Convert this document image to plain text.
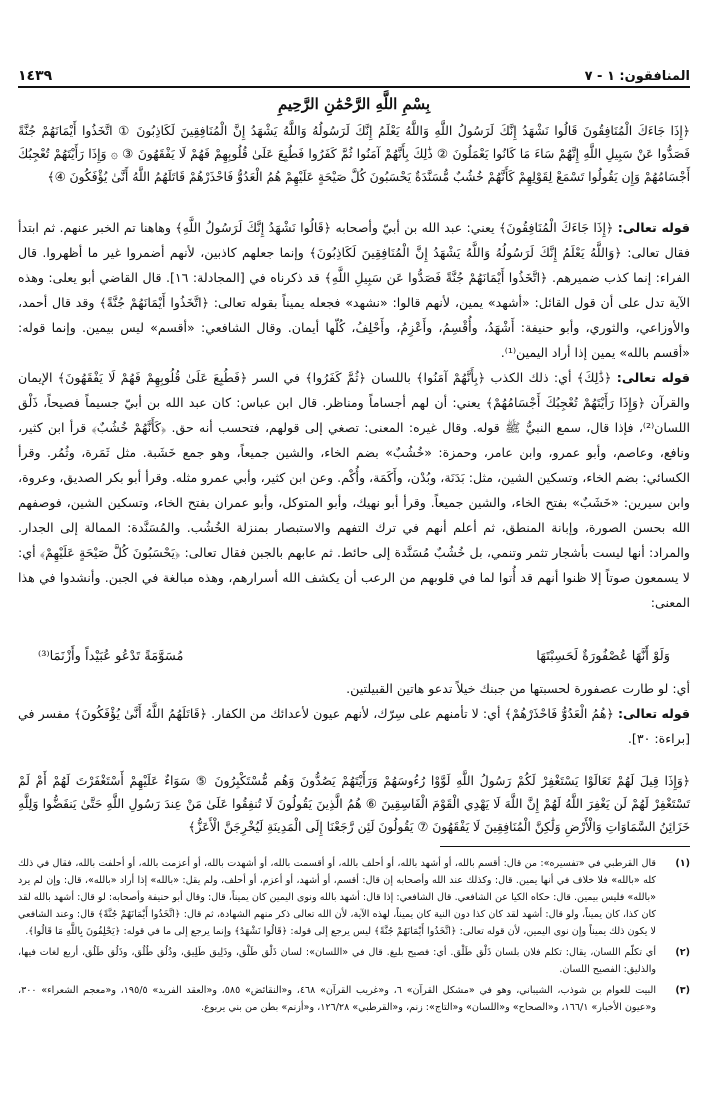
المنافقون: ١ - ٧
١٤٣٩
بِسْمِ اللَّهِ الرَّحْمَٰنِ الرَّحِيمِ
﴿إِذَا جَاءَكَ الْمُنَافِقُونَ قَالُوا نَشْهَدُ إِنَّكَ لَرَسُولُ اللَّهِ وَاللَّهُ يَعْلَمُ إِنَّكَ لَرَسُولُهُ وَاللَّهُ يَشْهَدُ إِنَّ الْمُنَافِقِينَ لَكَاذِبُونَ ① اتَّخَذُوا أَيْمَانَهُمْ جُنَّةً فَصَدُّوا عَنْ سَبِيلِ اللَّهِ إِنَّهُمْ سَاءَ مَا كَانُوا يَعْمَلُونَ ② ذَٰلِكَ بِأَنَّهُمْ آمَنُوا ثُمَّ كَفَرُوا فَطُبِعَ عَلَىٰ قُلُوبِهِمْ فَهُمْ لَا يَفْقَهُونَ ③ ۞ وَإِذَا رَأَيْتَهُمْ تُعْجِبُكَ أَجْسَامُهُمْ وَإِن يَقُولُوا تَسْمَعْ لِقَوْلِهِمْ كَأَنَّهُمْ خُشُبٌ مُّسَنَّدَةٌ يَحْسَبُونَ كُلَّ صَيْحَةٍ عَلَيْهِمْ هُمُ الْعَدُوُّ فَاحْذَرْهُمْ قَاتَلَهُمُ اللَّهُ أَنَّىٰ يُؤْفَكُونَ ④﴾
قوله تعالى: ﴿إِذَا جَاءَكَ الْمُنَافِقُونَ﴾ يعني: عبد الله بن أبيّ وأصحابه ﴿قَالُوا نَشْهَدُ إِنَّكَ لَرَسُولُ اللَّهِ﴾ وهاهنا تم الخبر عنهم. ثم ابتدأ فقال تعالى: ﴿وَاللَّهُ يَعْلَمُ إِنَّكَ لَرَسُولُهُ وَاللَّهُ يَشْهَدُ إِنَّ الْمُنَافِقِينَ لَكَاذِبُونَ﴾ وإنما جعلهم كاذبين، لأنهم أضمروا غير ما أظهروا. قال الفراء: إنما كذب ضميرهم. ﴿اتَّخَذُوا أَيْمَانَهُمْ جُنَّةً فَصَدُّوا عَن سَبِيلِ اللَّهِ﴾ قد ذكرناه في [المجادلة: ١٦]. قال القاضي أبو يعلى: وهذه الآية تدل على أن قول القائل: «أشهد» يمين، لأنهم قالوا: «نشهد» فجعله يميناً بقوله تعالى: ﴿اتَّخَذُوا أَيْمَانَهُمْ جُنَّةً﴾ وقد قال أحمد، والأوزاعي، والثوري، وأبو حنيفة: أَشْهَدُ، وأُقْسِمُ، وأَعْزِمُ، وأَحْلِفُ، كُلّها أيمان. وقال الشافعي: «أقسم» ليس بيمين. وإنما قوله: «أقسم بالله» يمين إذا أراد اليمين⁽¹⁾.
قوله تعالى: ﴿ذَٰلِكَ﴾ أي: ذلك الكذب ﴿بِأَنَّهُمْ آمَنُوا﴾ باللسان ﴿ثُمَّ كَفَرُوا﴾ في السر ﴿فَطُبِعَ عَلَىٰ قُلُوبِهِمْ فَهُمْ لَا يَفْقَهُونَ﴾ الإيمان والقرآن ﴿وَإِذَا رَأَيْتَهُمْ تُعْجِبُكَ أَجْسَامُهُمْ﴾ يعني: أن لهم أجساماً ومناظر. قال ابن عباس: كان عبد الله بن أبيّ جسيماً فصيحاً، ذَلْق اللسان⁽²⁾، فإذا قال، سمع النبيُّ ﷺ قوله. وقال غيره: المعنى: تصغي إلى قولهم، فتحسب أنه حق. ﴿كَأَنَّهُمْ خُشُبٌ﴾ قرأ ابن كثير، ونافع، وعاصم، وأبو عمرو، وابن عامر، وحمزة: «خُشُبٌ» بضم الخاء، والشين جميعاً، وهو جمع خَشَبة. مثل ثَمَرة، وثُمُر. وقرأ الكسائي: بضم الخاء، وتسكين الشين، مثل: بَدَنَة، وبُدْن، وأَكَمَة، وأُكْم. وعن ابن كثير، وأبي عمرو مثله. وقرأ أبو بكر الصديق، وعروة، وابن سيرين: «خَشَبٌ» بفتح الخاء، والشين جميعاً. وقرأ أبو نهيك، وأبو المتوكل، وأبو عمران بفتح الخاء، وتسكين الشين، فوصفهم الله بحسن الصورة، وإبانة المنطق، ثم أعلم أنهم في ترك التفهم والاستبصار بمنزلة الخُشُب. والمُسَنَّدة: الممالة إلى الجدار. والمراد: أنها ليست بأشجار تثمر وتنمي، بل خُشُبٌ مُسَنَّدة إلى حائط. ثم عابهم بالجبن فقال تعالى: ﴿يَحْسَبُونَ كُلَّ صَيْحَةٍ عَلَيْهِمْ﴾ أي: لا يسمعون صوتاً إلا ظنوا أنهم قد أُتوا لما في قلوبهم من الرعب أن يكشف الله أسرارهم، وهذه مبالغة في الجبن. وأنشدوا في هذا المعنى:
وَلَوْ أَنَّهَا عُصْفُورَةٌ لَحَسِبْتَهَا
مُسَوَّمَةً تَدْعُو عُبَيْداً وأَزْنَمَا⁽³⁾
أي: لو طارت عصفورة لحسبتها من جبنك خيلاً تدعو هاتين القبيلتين.
قوله تعالى: ﴿هُمُ الْعَدُوُّ فَاحْذَرْهُمْ﴾ أي: لا تأمنهم على سِرّك، لأنهم عيون لأعدائك من الكفار. ﴿قَاتَلَهُمُ اللَّهُ أَنَّىٰ يُؤْفَكُونَ﴾ مفسر في [براءة: ٣٠].
﴿وَإِذَا قِيلَ لَهُمْ تَعَالَوْا يَسْتَغْفِرْ لَكُمْ رَسُولُ اللَّهِ لَوَّوْا رُءُوسَهُمْ وَرَأَيْتَهُمْ يَصُدُّونَ وَهُم مُّسْتَكْبِرُونَ ⑤ سَوَاءٌ عَلَيْهِمْ أَسْتَغْفَرْتَ لَهُمْ أَمْ لَمْ تَسْتَغْفِرْ لَهُمْ لَن يَغْفِرَ اللَّهُ لَهُمْ إِنَّ اللَّهَ لَا يَهْدِي الْقَوْمَ الْفَاسِقِينَ ⑥ هُمُ الَّذِينَ يَقُولُونَ لَا تُنفِقُوا عَلَىٰ مَنْ عِندَ رَسُولِ اللَّهِ حَتَّىٰ يَنفَضُّوا وَلِلَّهِ خَزَائِنُ السَّمَاوَاتِ وَالْأَرْضِ وَلَٰكِنَّ الْمُنَافِقِينَ لَا يَفْقَهُونَ ⑦ يَقُولُونَ لَئِن رَّجَعْنَا إِلَى الْمَدِينَةِ لَيُخْرِجَنَّ الْأَعَزُّ﴾
(١)
قال القرطبي في «تفسيره»: من قال: أقسم بالله، أو أشهد بالله، أو أحلف بالله، أو أقسمت بالله، أو أشهدت بالله، أو أعزمت بالله، أو أحلفت بالله، فقال في ذلك كله «بالله» فلا خلاف في أنها يمين. قال: وكذلك عند الله وأصحابه إن قال: أقسم، أو أشهد، أو أعزم، أو أحلف، ولم يقل: «بالله» إذا أراد «بالله»، قال: وإن لم يرد «بالله» فليس بيمين. قال: حكاه الكيا عن الشافعي. قال الشافعي: إذا قال: أشهد بالله ونوى اليمين كان يميناً، قال: وقال أبو حنيفة وأصحابه: لو قال: أشهد بالله لقد كان كذا، كان يميناً، ولو قال: أشهد لقد كان كذا دون النية كان يميناً، لهذه الآية، لأن الله تعالى ذكر منهم الشهادة، ثم قال: ﴿اتَّخَذُوا أَيْمَانَهُمْ جُنَّةً﴾ قال: وعند الشافعي لا يكون ذلك يميناً وإن نوى اليمين، لأن قوله تعالى: ﴿اتَّخَذُوا أَيْمَانَهُمْ جُنَّةً﴾ ليس يرجع إلى قوله: ﴿قَالُوا نَشْهَدُ﴾ وإنما يرجع إلى ما في قوله: ﴿يَحْلِفُونَ بِاللَّهِ مَا قَالُوا﴾.
(٢)
أي تكلّم اللسان، يقال: تكلم فلان بلسان ذَلْق طَلْق. أي: فصيح بليغ. قال في «اللسان»: لسان ذَلْق طَلْق، وذَلِيق طَلِيق، وذُلُق طُلُق، وذَلُق طَلُق، أربع لغات فيها، والذليق: الفصيح اللسان.
(٣)
البيت للعوام بن شوذب، الشيباني، وهو في «مشكل القرآن» ٦، و«غريب القرآن» ٤٦٨، و«النقائض» ٥٨٥، و«العقد الفريد» ١٩٥/٥، و«معجم الشعراء» ٣٠٠، و«عيون الأخبار» ١٦٦/١، و«الصحاح» و«اللسان» و«التاج»: زنم، و«القرطبي» ١٢٦/٢٨، و«أزنم» بطن من بني يربوع.
